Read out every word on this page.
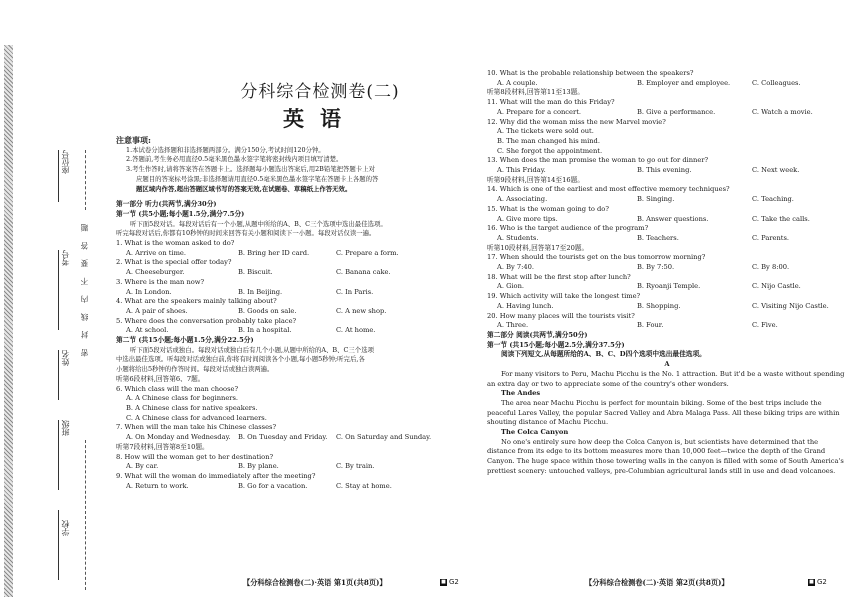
座位号
考号
姓名
班级
学校
密 封 线 内 不 要 答 题
分科综合检测卷(二)
英语
注意事项:
1.本试卷分选择题和非选择题两部分。满分150分,考试时间120分钟。
2.答题前,考生务必用直径0.5毫米黑色墨水签字笔将密封线内项目填写清楚。
3.考生作答时,请将答案答在答题卡上。选择题每小题选出答案后,用2B铅笔把答题卡上对
应题目的答案标号涂黑;非选择题请用直径0.5毫米黑色墨水签字笔在答题卡上各题的答
题区域内作答,超出答题区域书写的答案无效,在试题卷、草稿纸上作答无效。
第一部分 听力(共两节,满分30分)
第一节 (共5小题;每小题1.5分,满分7.5分)
听下面5段对话。每段对话后有一个小题,从题中所给的A、B、C三个选项中选出最佳选项。
听完每段对话后,你都有10秒钟的时间来回答有关小题和阅读下一小题。每段对话仅读一遍。
1. What is the woman asked to do?
A. Arrive on time.	B. Bring her ID card.	C. Prepare a form.
2. What is the special offer today?
A. Cheeseburger.	B. Biscuit.	C. Banana cake.
3. Where is the man now?
A. In London.	B. In Beijing.	C. In Paris.
4. What are the speakers mainly talking about?
A. A pair of shoes.	B. Goods on sale.	C. A new shop.
5. Where does the conversation probably take place?
A. At school.	B. In a hospital.	C. At home.
第二节 (共15小题;每小题1.5分,满分22.5分)
听下面5段对话或独白。每段对话或独白后有几个小题,从题中所给的A、B、C三个选项
中选出最佳选项。听每段对话或独白前,你将有时间阅读各个小题,每小题5秒钟;听完后,各
小题将给出5秒钟的作答时间。每段对话或独白读两遍。
听第6段材料,回答第6、7题。
6. Which class will the man choose?
A. A Chinese class for beginners.
B. A Chinese class for native speakers.
C. A Chinese class for advanced learners.
7. When will the man take his Chinese classes?
A. On Monday and Wednesday.	B. On Tuesday and Friday.	C. On Saturday and Sunday.
听第7段材料,回答第8至10题。
8. How will the woman get to her destination?
A. By car.	B. By plane.	C. By train.
9. What will the woman do immediately after the meeting?
A. Return to work.	B. Go for a vacation.	C. Stay at home.
【分科综合检测卷(二)·英语 第1页(共8页)】	■ G2
10. What is the probable relationship between the speakers?
A. A couple.	B. Employer and employee.	C. Colleagues.
听第8段材料,回答第11至13题。
11. What will the man do this Friday?
A. Prepare for a concert.	B. Give a performance.	C. Watch a movie.
12. Why did the woman miss the new Marvel movie?
A. The tickets were sold out.
B. The man changed his mind.
C. She forgot the appointment.
13. When does the man promise the woman to go out for dinner?
A. This Friday.	B. This evening.	C. Next week.
听第9段材料,回答第14至16题。
14. Which is one of the earliest and most effective memory techniques?
A. Associating.	B. Singing.	C. Teaching.
15. What is the woman going to do?
A. Give more tips.	B. Answer questions.	C. Take the calls.
16. Who is the target audience of the program?
A. Students.	B. Teachers.	C. Parents.
听第10段材料,回答第17至20题。
17. When should the tourists get on the bus tomorrow morning?
A. By 7:40.	B. By 7:50.	C. By 8:00.
18. What will be the first stop after lunch?
A. Gion.	B. Ryoanji Temple.	C. Nijo Castle.
19. Which activity will take the longest time?
A. Having lunch.	B. Shopping.	C. Visiting Nijo Castle.
20. How many places will the tourists visit?
A. Three.	B. Four.	C. Five.
第二部分 阅读(共两节,满分50分)
第一节 (共15小题;每小题2.5分,满分37.5分)
阅读下列短文,从每题所给的A、B、C、D四个选项中选出最佳选项。
A
For many visitors to Peru, Machu Picchu is the No. 1 attraction. But it'd be a waste without spending an extra day or two to appreciate some of the country's other wonders.
The Andes
The area near Machu Picchu is perfect for mountain biking. Some of the best trips include the peaceful Lares Valley, the popular Sacred Valley and Abra Malaga Pass. All these biking trips are within shouting distance of Machu Picchu.
The Colca Canyon
No one's entirely sure how deep the Colca Canyon is, but scientists have determined that the distance from its edge to its bottom measures more than 10,000 feet—twice the depth of the Grand Canyon. The huge space within those towering walls in the canyon is filled with some of South America's prettiest scenery: untouched valleys, pre-Columbian agricultural lands still in use and dead volcanoes.
【分科综合检测卷(二)·英语 第2页(共8页)】	■ G2
